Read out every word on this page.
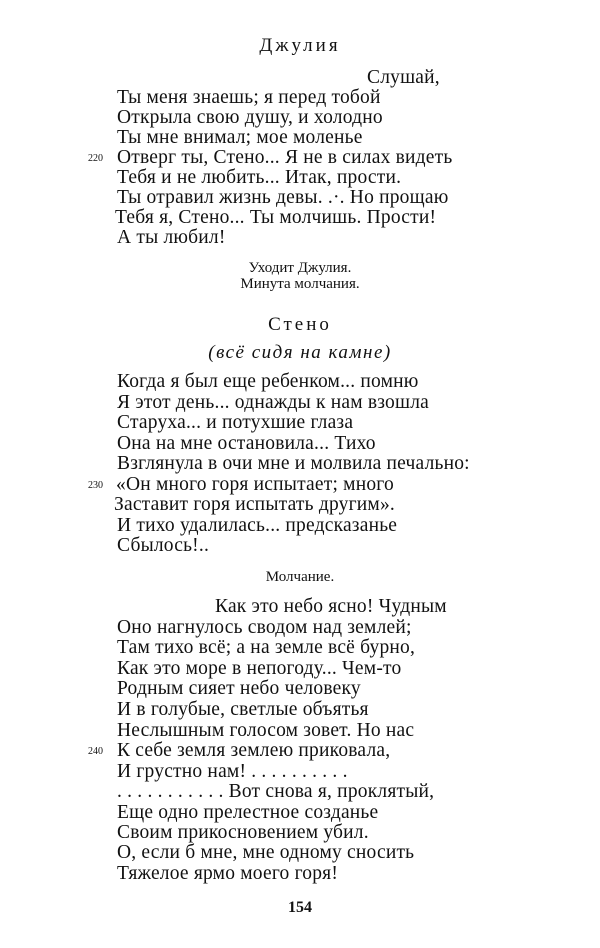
Джулия
Слушай,
Ты меня знаешь; я перед тобой
Открыла свою душу, и холодно
Ты мне внимал; мое моленье
220 Отверг ты, Стено... Я не в силах видеть
Тебя и не любить... Итак, прости.
Ты отравил жизнь девы. .·. Но прощаю
Тебя я, Стено... Ты молчишь. Прости!
А ты любил!
Уходит Джулия.
Минута молчания.
Стено
(всё сидя на камне)
Когда я был еще ребенком... помню
Я этот день... однажды к нам взошла
Старуха... и потухшие глаза
Она на мне остановила... Тихо
Взглянула в очи мне и молвила печально:
230 «Он много горя испытает; много
Заставит горя испытать другим».
И тихо удалилась... предсказанье
Сбылось!..
Молчание.
Как это небо ясно! Чудным
Оно нагнулось сводом над землей;
Там тихо всё; а на земле всё бурно,
Как это море в непогоду... Чем-то
Родным сияет небо человеку
И в голубые, светлые объятья
Неслышным голосом зовет. Но нас
240 К себе земля землею приковала,
И грустно нам! . . . . . . . . . .
. . . . . . . . . . . Вот снова я, проклятый,
Еще одно прелестное созданье
Своим прикосновением убил.
О, если б мне, мне одному сносить
Тяжелое ярмо моего горя!
154
